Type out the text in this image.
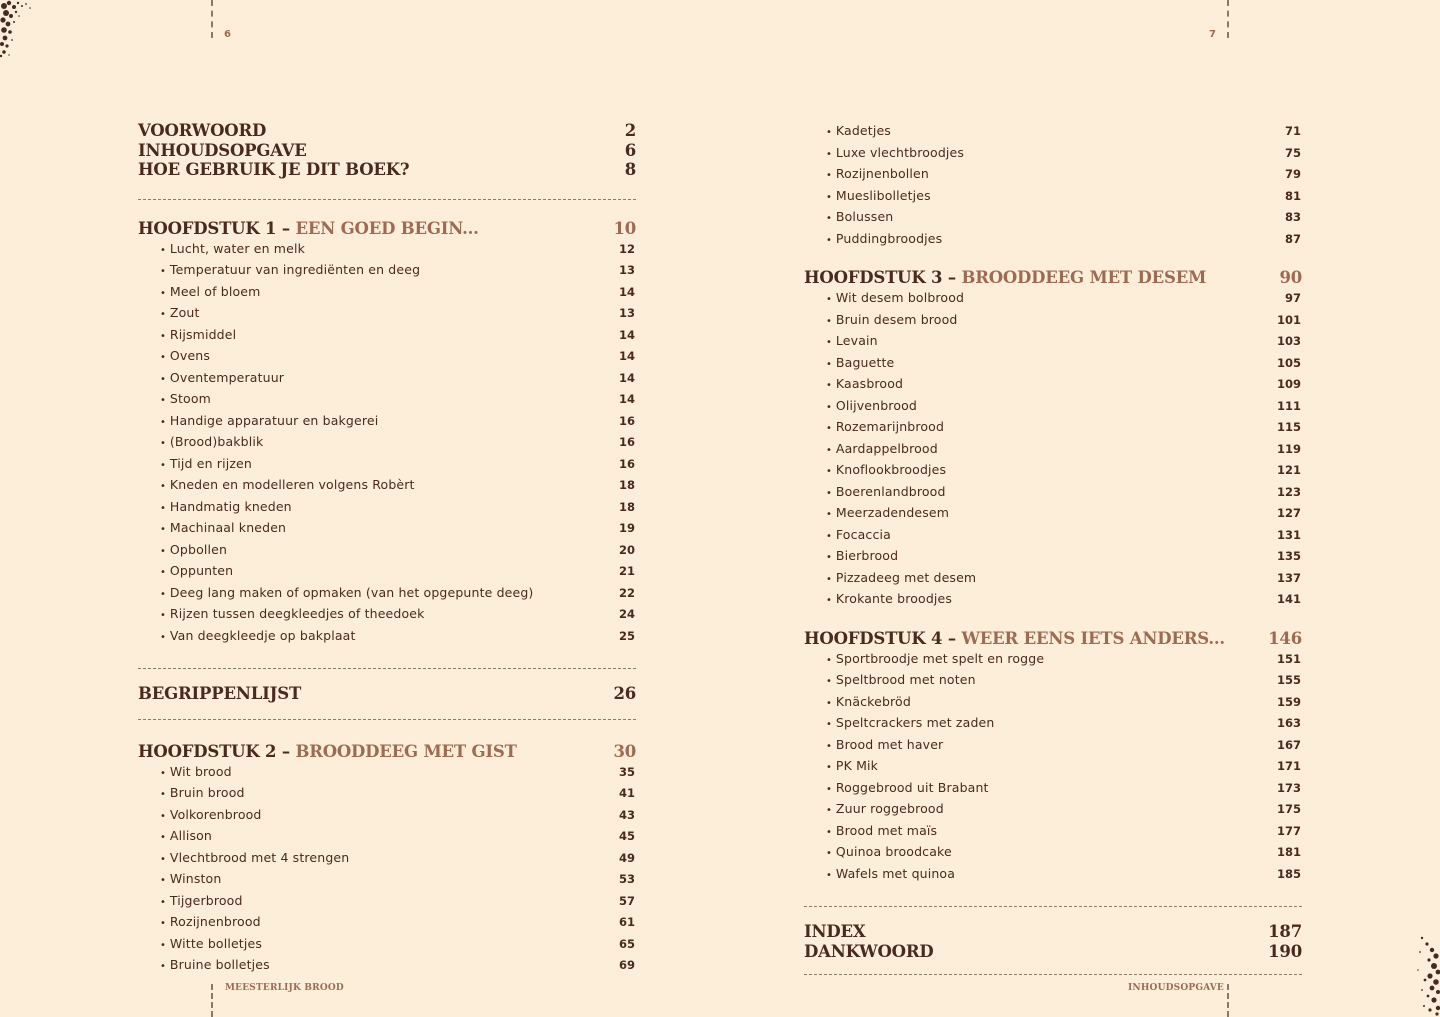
6
VOORWOORD	2
INHOUDSOPGAVE	6
HOE GEBRUIK JE DIT BOEK?	8
HOOFDSTUK 1 – EEN GOED BEGIN...	10
• Lucht, water en melk	12
• Temperatuur van ingrediënten en deeg	13
• Meel of bloem	14
• Zout	13
• Rijsmiddel	14
• Ovens	14
• Oventemperatuur	14
• Stoom	14
• Handige apparatuur en bakgerei	16
• (Brood)bakblik	16
• Tijd en rijzen	16
• Kneden en modelleren volgens Robèrt	18
• Handmatig kneden	18
• Machinaal kneden	19
• Opbollen	20
• Oppunten	21
• Deeg lang maken of opmaken (van het opgepunte deeg)	22
• Rijzen tussen deegkleedjes of theedoek	24
• Van deegkleedje op bakplaat	25
BEGRIPPENLIJST	26
HOOFDSTUK 2 – BROODDEEG MET GIST	30
• Wit brood	35
• Bruin brood	41
• Volkorenbrood	43
• Allison	45
• Vlechtbrood met 4 strengen	49
• Winston	53
• Tijgerbrood	57
• Rozijnenbrood	61
• Witte bolletjes	65
• Bruine bolletjes	69
MEESTERLIJK BROOD
7
• Kadetjes	71
• Luxe vlechtbroodjes	75
• Rozijnenbollen	79
• Mueslibolletjes	81
• Bolussen	83
• Puddingbroodjes	87
HOOFDSTUK 3 – BROODDEEG MET DESEM	90
• Wit desem bolbrood	97
• Bruin desem brood	101
• Levain	103
• Baguette	105
• Kaasbrood	109
• Olijvenbrood	111
• Rozemarijnbrood	115
• Aardappelbrood	119
• Knoflookbroodjes	121
• Boerenlandbrood	123
• Meerzadendesem	127
• Focaccia	131
• Bierbrood	135
• Pizzadeeg met desem	137
• Krokante broodjes	141
HOOFDSTUK 4 – WEER EENS IETS ANDERS...	146
• Sportbroodje met spelt en rogge	151
• Speltbrood met noten	155
• Knäckebröd	159
• Speltcrackers met zaden	163
• Brood met haver	167
• PK Mik	171
• Roggebrood uit Brabant	173
• Zuur roggebrood	175
• Brood met maïs	177
• Quinoa broodcake	181
• Wafels met quinoa	185
INDEX	187
DANKWOORD	190
INHOUDSOPGAVE
